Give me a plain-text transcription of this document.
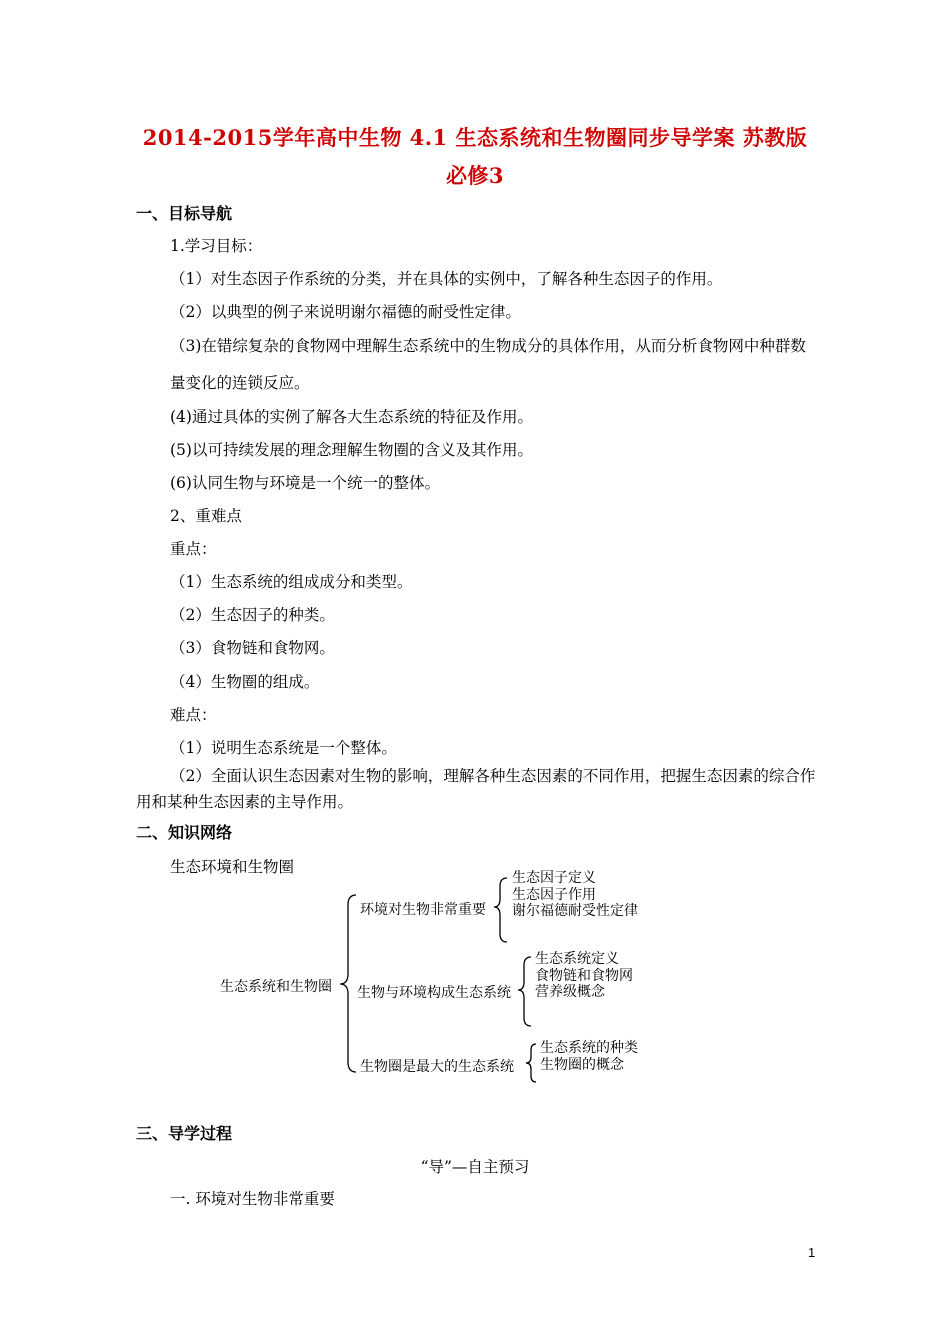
2014-2015学年高中生物 4.1 生态系统和生物圈同步导学案 苏教版
必修3
一、目标导航
1.学习目标：
（1）对生态因子作系统的分类，并在具体的实例中，了解各种生态因子的作用。
（2）以典型的例子来说明谢尔福德的耐受性定律。
（3)在错综复杂的食物网中理解生态系统中的生物成分的具体作用，从而分析食物网中种群数量变化的连锁反应。
(4)通过具体的实例了解各大生态系统的特征及作用。
(5)以可持续发展的理念理解生物圈的含义及其作用。
(6)认同生物与环境是一个统一的整体。
2、重难点
重点：
（1）生态系统的组成成分和类型。
（2）生态因子的种类。
（3）食物链和食物网。
（4）生物圈的组成。
难点：
（1）说明生态系统是一个整体。
（2）全面认识生态因素对生物的影响，理解各种生态因素的不同作用，把握生态因素的综合作用和某种生态因素的主导作用。
二、知识网络
生态环境和生物圈
生态系统和生物圈
环境对生物非常重要
生态因子定义
生态因子作用
谢尔福德耐受性定律
生物与环境构成生态系统
生态系统定义
食物链和食物网
营养级概念
生物圈是最大的生态系统
生态系统的种类
生物圈的概念
三、导学过程
“导”—自主预习
一. 环境对生物非常重要
1
